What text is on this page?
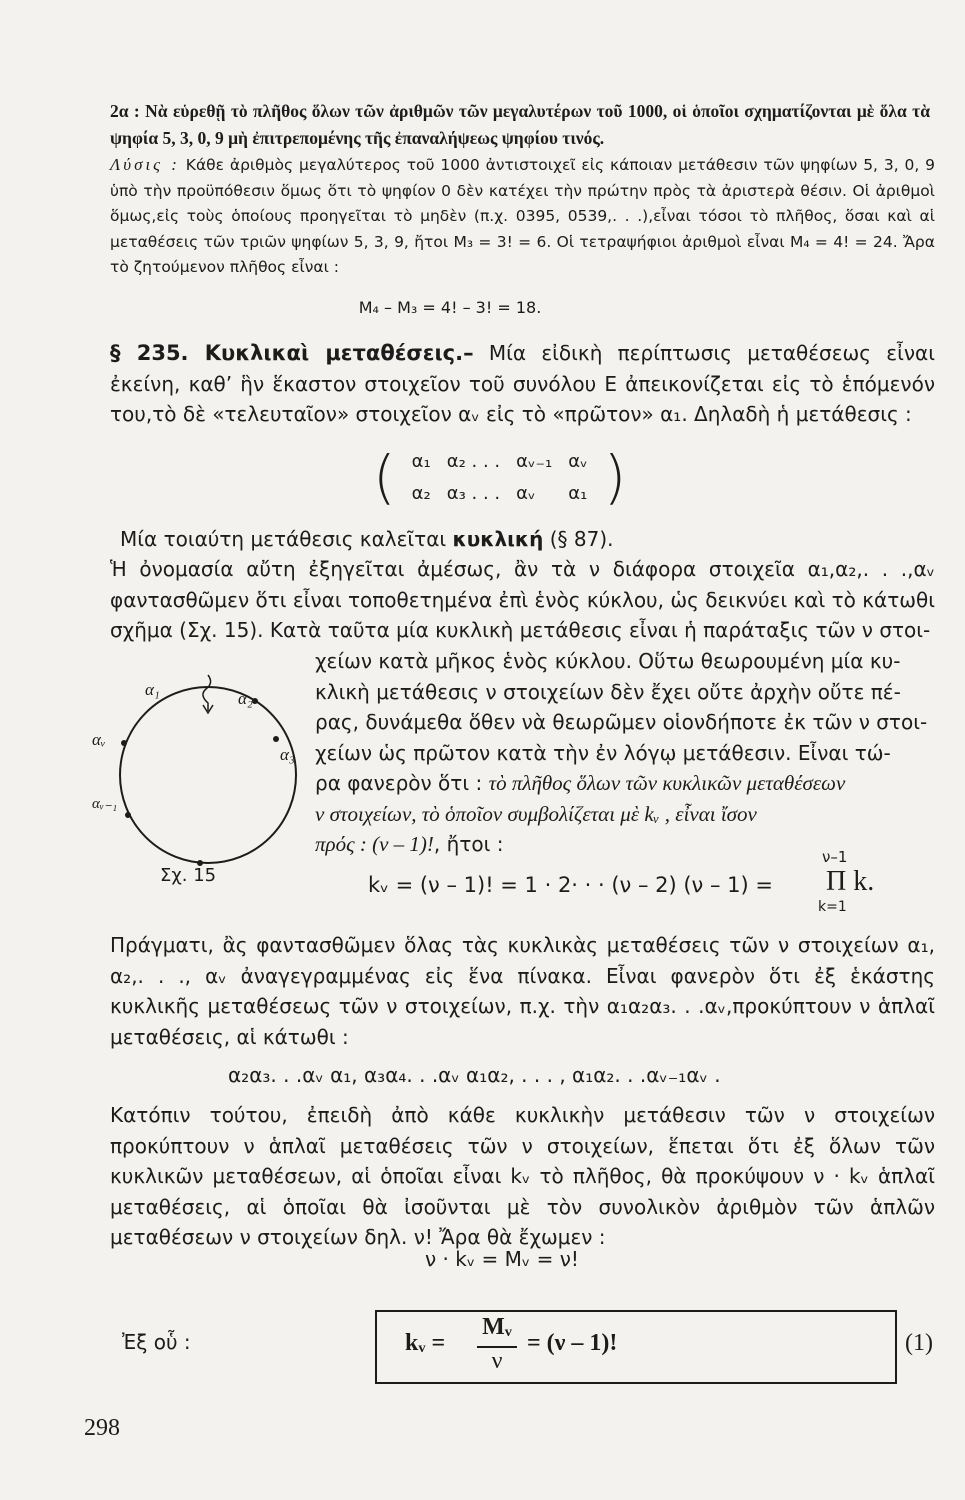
2α : Νὰ εὑρεθῇ τὸ πλῆθος ὅλων τῶν ἀριθμῶν τῶν μεγαλυτέρων τοῦ 1000, οἱ ὁποῖοι σχηματίζονται μὲ ὅλα τὰ ψηφία 5, 3, 0, 9 μὴ ἐπιτρεπομένης τῆς ἐπαναλήψεως ψηφίου τινός.
Λύσις : Κάθε ἀριθμὸς μεγαλύτερος τοῦ 1000 ἀντιστοιχεῖ εἰς κάποιαν μετάθεσιν τῶν ψηφίων 5, 3, 0, 9 ὑπὸ τὴν προϋπόθεσιν ὅμως ὅτι τὸ ψηφίον 0 δὲν κατέχει τὴν πρώτην πρὸς τὰ ἀριστερὰ θέσιν. Οἱ ἀριθμοὶ ὅμως,εἰς τοὺς ὁποίους προηγεῖται τὸ μηδὲν (π.χ. 0395, 0539,. . .),εἶναι τόσοι τὸ πλῆθος, ὅσαι καὶ αἱ μεταθέσεις τῶν τριῶν ψηφίων 5, 3, 9, ἤτοι M₃ = 3! = 6. Οἱ τετραψήφιοι ἀριθμοὶ εἶναι M₄ = 4! = 24. Ἄρα τὸ ζητούμενον πλῆθος εἶναι :
M₄ – M₃ = 4! – 3! = 18.
§ 235. Κυκλικαὶ μεταθέσεις.– Μία εἰδικὴ περίπτωσις μεταθέσεως εἶναι ἐκείνη, καθ’ ἣν ἕκαστον στοιχεῖον τοῦ συνόλου E ἀπεικονίζεται εἰς τὸ ἑπόμενόν του,τὸ δὲ «τελευταῖον» στοιχεῖον αᵥ εἰς τὸ «πρῶτον» α₁. Δηλαδὴ ἡ μετάθεσις :
(	α₁	α₂ . . .	αᵥ₋₁	αᵥ	)
	α₂	α₃ . . .	αᵥ	α₁	
Μία τοιαύτη μετάθεσις καλεῖται κυκλική (§ 87).
Ἡ ὀνομασία αὔτη ἐξηγεῖται ἀμέσως, ἂν τὰ ν διάφορα στοιχεῖα α₁,α₂,. . .,αᵥ φαντασθῶμεν ὅτι εἶναι τοποθετημένα ἐπὶ ἑνὸς κύκλου, ὡς δεικνύει καὶ τὸ κάτωθι σχῆμα (Σχ. 15). Κατὰ ταῦτα μία κυκλικὴ μετάθεσις εἶναι ἡ παράταξις τῶν ν στοι-
χείων κατὰ μῆκος ἑνὸς κύκλου. Οὕτω θεωρουμένη μία κυ-
κλικὴ μετάθεσις ν στοιχείων δὲν ἔχει οὔτε ἀρχὴν οὔτε πέ-
ρας, δυνάμεθα ὅθεν νὰ θεωρῶμεν οἱονδήποτε ἐκ τῶν ν στοι-
χείων ὡς πρῶτον κατὰ τὴν ἐν λόγῳ μετάθεσιν. Εἶναι τώ-
ρα φανερὸν ὅτι : τὸ πλῆθος ὅλων τῶν κυκλικῶν μεταθέσεων
ν στοιχείων, τὸ ὁποῖον συμβολίζεται μὲ kᵥ , εἶναι ἴσον
πρός : (ν – 1)!, ἤτοι :
α₁	α₂
α₃
αᵥ
αᵥ₋₁
Σχ. 15	kᵥ = (ν – 1)! = 1 · 2· · · (ν – 2) (ν – 1) =
ν–1
Π k.
k=1
Πράγματι, ἂς φαντασθῶμεν ὅλας τὰς κυκλικὰς μεταθέσεις τῶν ν στοιχείων α₁, α₂,. . ., αᵥ ἀναγεγραμμένας εἰς ἕνα πίνακα. Εἶναι φανερὸν ὅτι ἐξ ἑκάστης κυκλικῆς μεταθέσεως τῶν ν στοιχείων, π.χ. τὴν α₁α₂α₃. . .αᵥ,προκύπτουν ν ἁπλαῖ μεταθέσεις, αἱ κάτωθι :
α₂α₃. . .αᵥ α₁, α₃α₄. . .αᵥ α₁α₂, . . . , α₁α₂. . .αᵥ₋₁αᵥ .
Κατόπιν τούτου, ἐπειδὴ ἀπὸ κάθε κυκλικὴν μετάθεσιν τῶν ν στοιχείων προκύπτουν ν ἁπλαῖ μεταθέσεις τῶν ν στοιχείων, ἕπεται ὅτι ἐξ ὅλων τῶν κυκλικῶν μεταθέσεων, αἱ ὁποῖαι εἶναι kᵥ τὸ πλῆθος, θὰ προκύψουν ν · kᵥ ἁπλαῖ μεταθέσεις, αἱ ὁποῖαι θὰ ἰσοῦνται μὲ τὸν συνολικὸν ἀριθμὸν τῶν ἁπλῶν μεταθέσεων ν στοιχείων δηλ. ν! Ἄρα θὰ ἔχωμεν :
ν · kᵥ = Mᵥ = ν!
Ἐξ οὗ :	kᵥ =
Mᵥ
ν
= (ν – 1)!	(1)
298
